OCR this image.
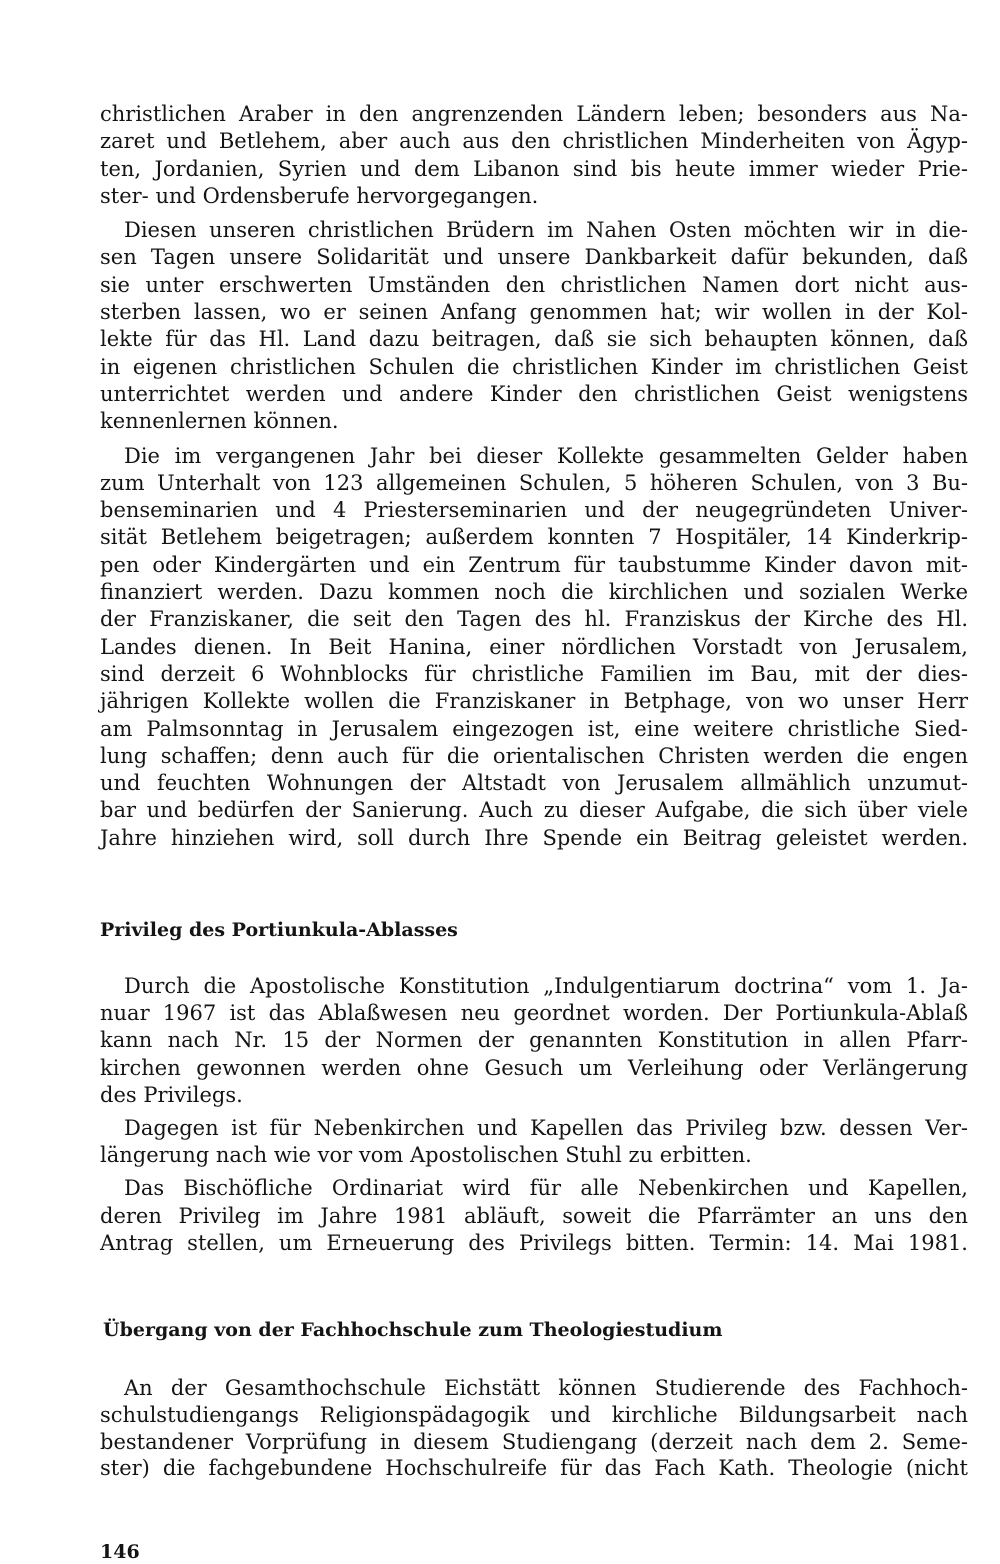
christlichen Araber in den angrenzenden Ländern leben; besonders aus Na-
zaret und Betlehem, aber auch aus den christlichen Minderheiten von Ägyp-
ten, Jordanien, Syrien und dem Libanon sind bis heute immer wieder Prie-
ster- und Ordensberufe hervorgegangen.
Diesen unseren christlichen Brüdern im Nahen Osten möchten wir in die-
sen Tagen unsere Solidarität und unsere Dankbarkeit dafür bekunden, daß
sie unter erschwerten Umständen den christlichen Namen dort nicht aus-
sterben lassen, wo er seinen Anfang genommen hat; wir wollen in der Kol-
lekte für das Hl. Land dazu beitragen, daß sie sich behaupten können, daß
in eigenen christlichen Schulen die christlichen Kinder im christlichen Geist
unterrichtet werden und andere Kinder den christlichen Geist wenigstens
kennenlernen können.
Die im vergangenen Jahr bei dieser Kollekte gesammelten Gelder haben
zum Unterhalt von 123 allgemeinen Schulen, 5 höheren Schulen, von 3 Bu-
benseminarien und 4 Priesterseminarien und der neugegründeten Univer-
sität Betlehem beigetragen; außerdem konnten 7 Hospitäler, 14 Kinderkrip-
pen oder Kindergärten und ein Zentrum für taubstumme Kinder davon mit-
finanziert werden. Dazu kommen noch die kirchlichen und sozialen Werke
der Franziskaner, die seit den Tagen des hl. Franziskus der Kirche des Hl.
Landes dienen. In Beit Hanina, einer nördlichen Vorstadt von Jerusalem,
sind derzeit 6 Wohnblocks für christliche Familien im Bau, mit der dies-
jährigen Kollekte wollen die Franziskaner in Betphage, von wo unser Herr
am Palmsonntag in Jerusalem eingezogen ist, eine weitere christliche Sied-
lung schaffen; denn auch für die orientalischen Christen werden die engen
und feuchten Wohnungen der Altstadt von Jerusalem allmählich unzumut-
bar und bedürfen der Sanierung. Auch zu dieser Aufgabe, die sich über viele
Jahre hinziehen wird, soll durch Ihre Spende ein Beitrag geleistet werden.
Privileg des Portiunkula-Ablasses
Durch die Apostolische Konstitution „Indulgentiarum doctrina“ vom 1. Ja-
nuar 1967 ist das Ablaßwesen neu geordnet worden. Der Portiunkula-Ablaß
kann nach Nr. 15 der Normen der genannten Konstitution in allen Pfarr-
kirchen gewonnen werden ohne Gesuch um Verleihung oder Verlängerung
des Privilegs.
Dagegen ist für Nebenkirchen und Kapellen das Privileg bzw. dessen Ver-
längerung nach wie vor vom Apostolischen Stuhl zu erbitten.
Das Bischöfliche Ordinariat wird für alle Nebenkirchen und Kapellen,
deren Privileg im Jahre 1981 abläuft, soweit die Pfarrämter an uns den
Antrag stellen, um Erneuerung des Privilegs bitten. Termin: 14. Mai 1981.
Übergang von der Fachhochschule zum Theologiestudium
An der Gesamthochschule Eichstätt können Studierende des Fachhoch-
schulstudiengangs Religionspädagogik und kirchliche Bildungsarbeit nach
bestandener Vorprüfung in diesem Studiengang (derzeit nach dem 2. Seme-
ster) die fachgebundene Hochschulreife für das Fach Kath. Theologie (nicht
146
